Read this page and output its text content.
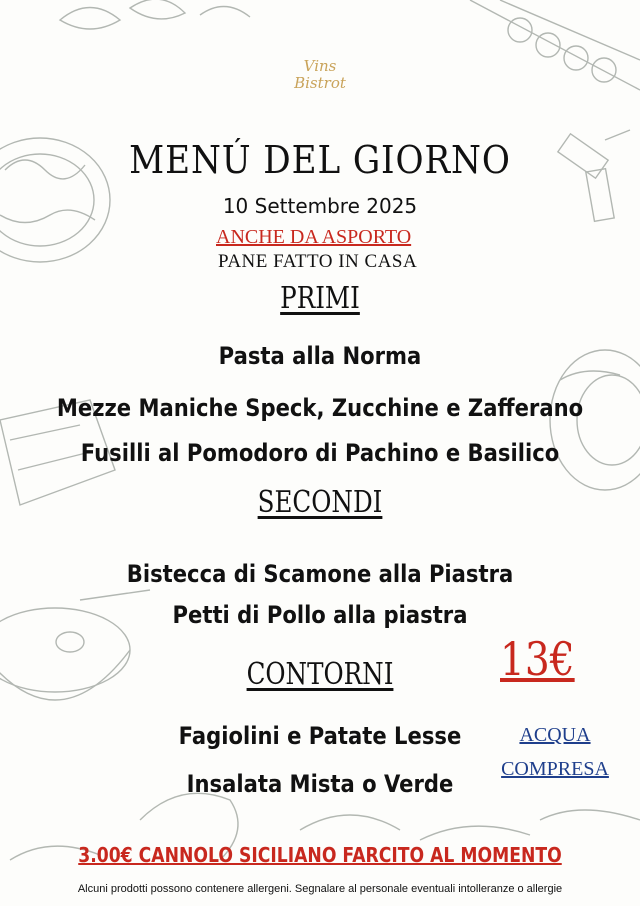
Vins
Bistrot
MENÚ DEL GIORNO
10 Settembre 2025
ANCHE DA ASPORTO
PANE FATTO IN CASA
PRIMI
Pasta alla Norma
Mezze Maniche Speck, Zucchine e Zafferano
Fusilli al Pomodoro di Pachino e Basilico
SECONDI
Bistecca di Scamone alla Piastra
Petti di Pollo alla piastra
CONTORNI
Fagiolini e Patate Lesse
Insalata Mista o Verde
13€
ACQUA
COMPRESA
3.00€ CANNOLO SICILIANO FARCITO AL MOMENTO
Alcuni prodotti possono contenere allergeni. Segnalare al personale eventuali intolleranze o allergie
